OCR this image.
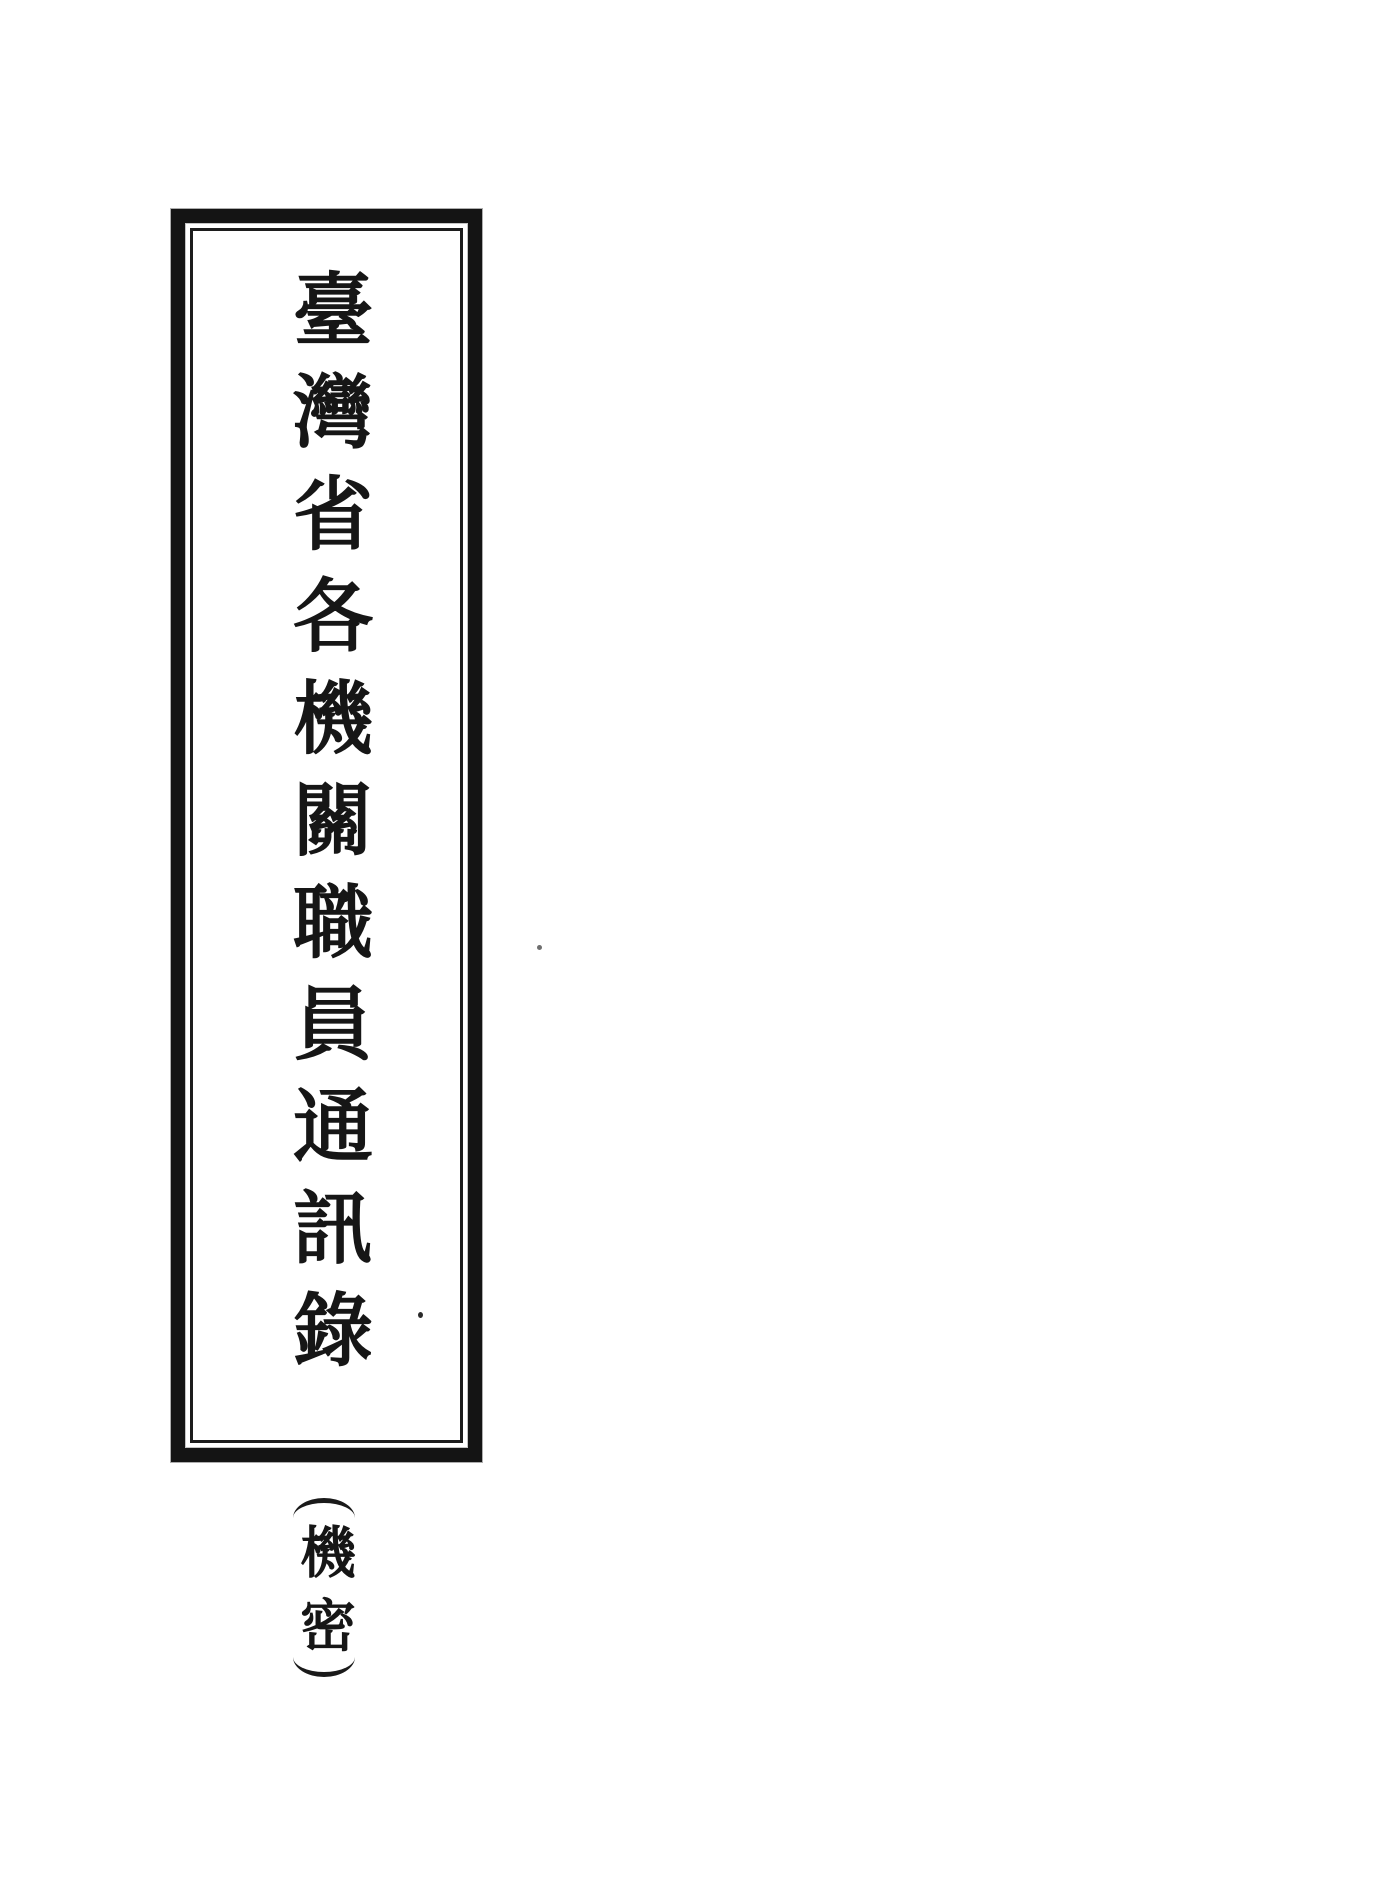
臺灣省各機關職員通訊錄
機密
